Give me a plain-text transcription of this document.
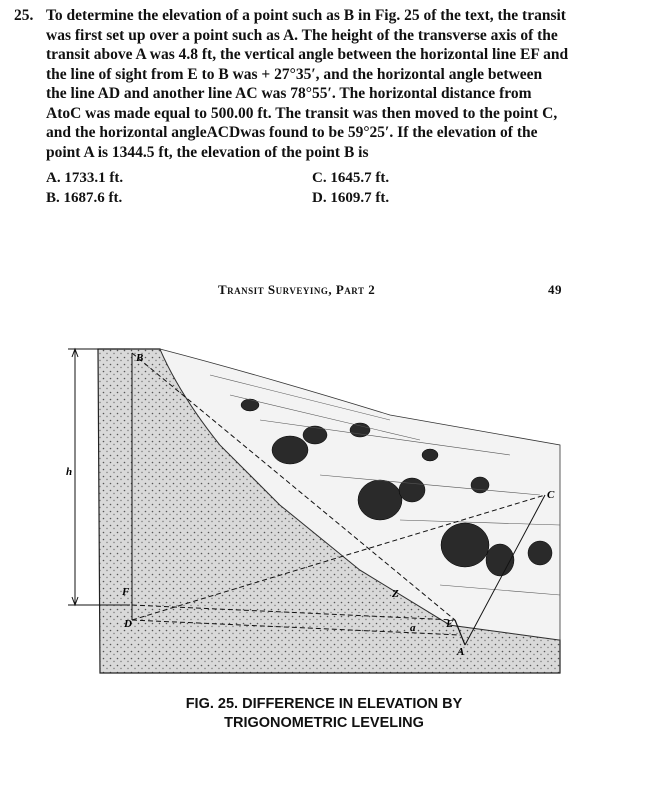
25. To determine the elevation of a point such as B in Fig. 25 of the text, the transit
was first set up over a point such as A. The height of the transverse axis of the
transit above A was 4.8 ft, the vertical angle between the horizontal line EF and
the line of sight from E to B was + 27°35′, and the horizontal angle between
the line AD and another line AC was 78°55′. The horizontal distance from
AtoC was made equal to 500.00 ft. The transit was then moved to the point C,
and the horizontal angleACDwas found to be 59°25′. If the elevation of the
point A is 1344.5 ft, the elevation of the point B is
A. 1733.1 ft.
B. 1687.6 ft.
C. 1645.7 ft.
D. 1609.7 ft.
Transit Surveying, Part 2	49
B
h
F
D
Z
a	E
A
C
FIG. 25. DIFFERENCE IN ELEVATION BY
TRIGONOMETRIC LEVELING
